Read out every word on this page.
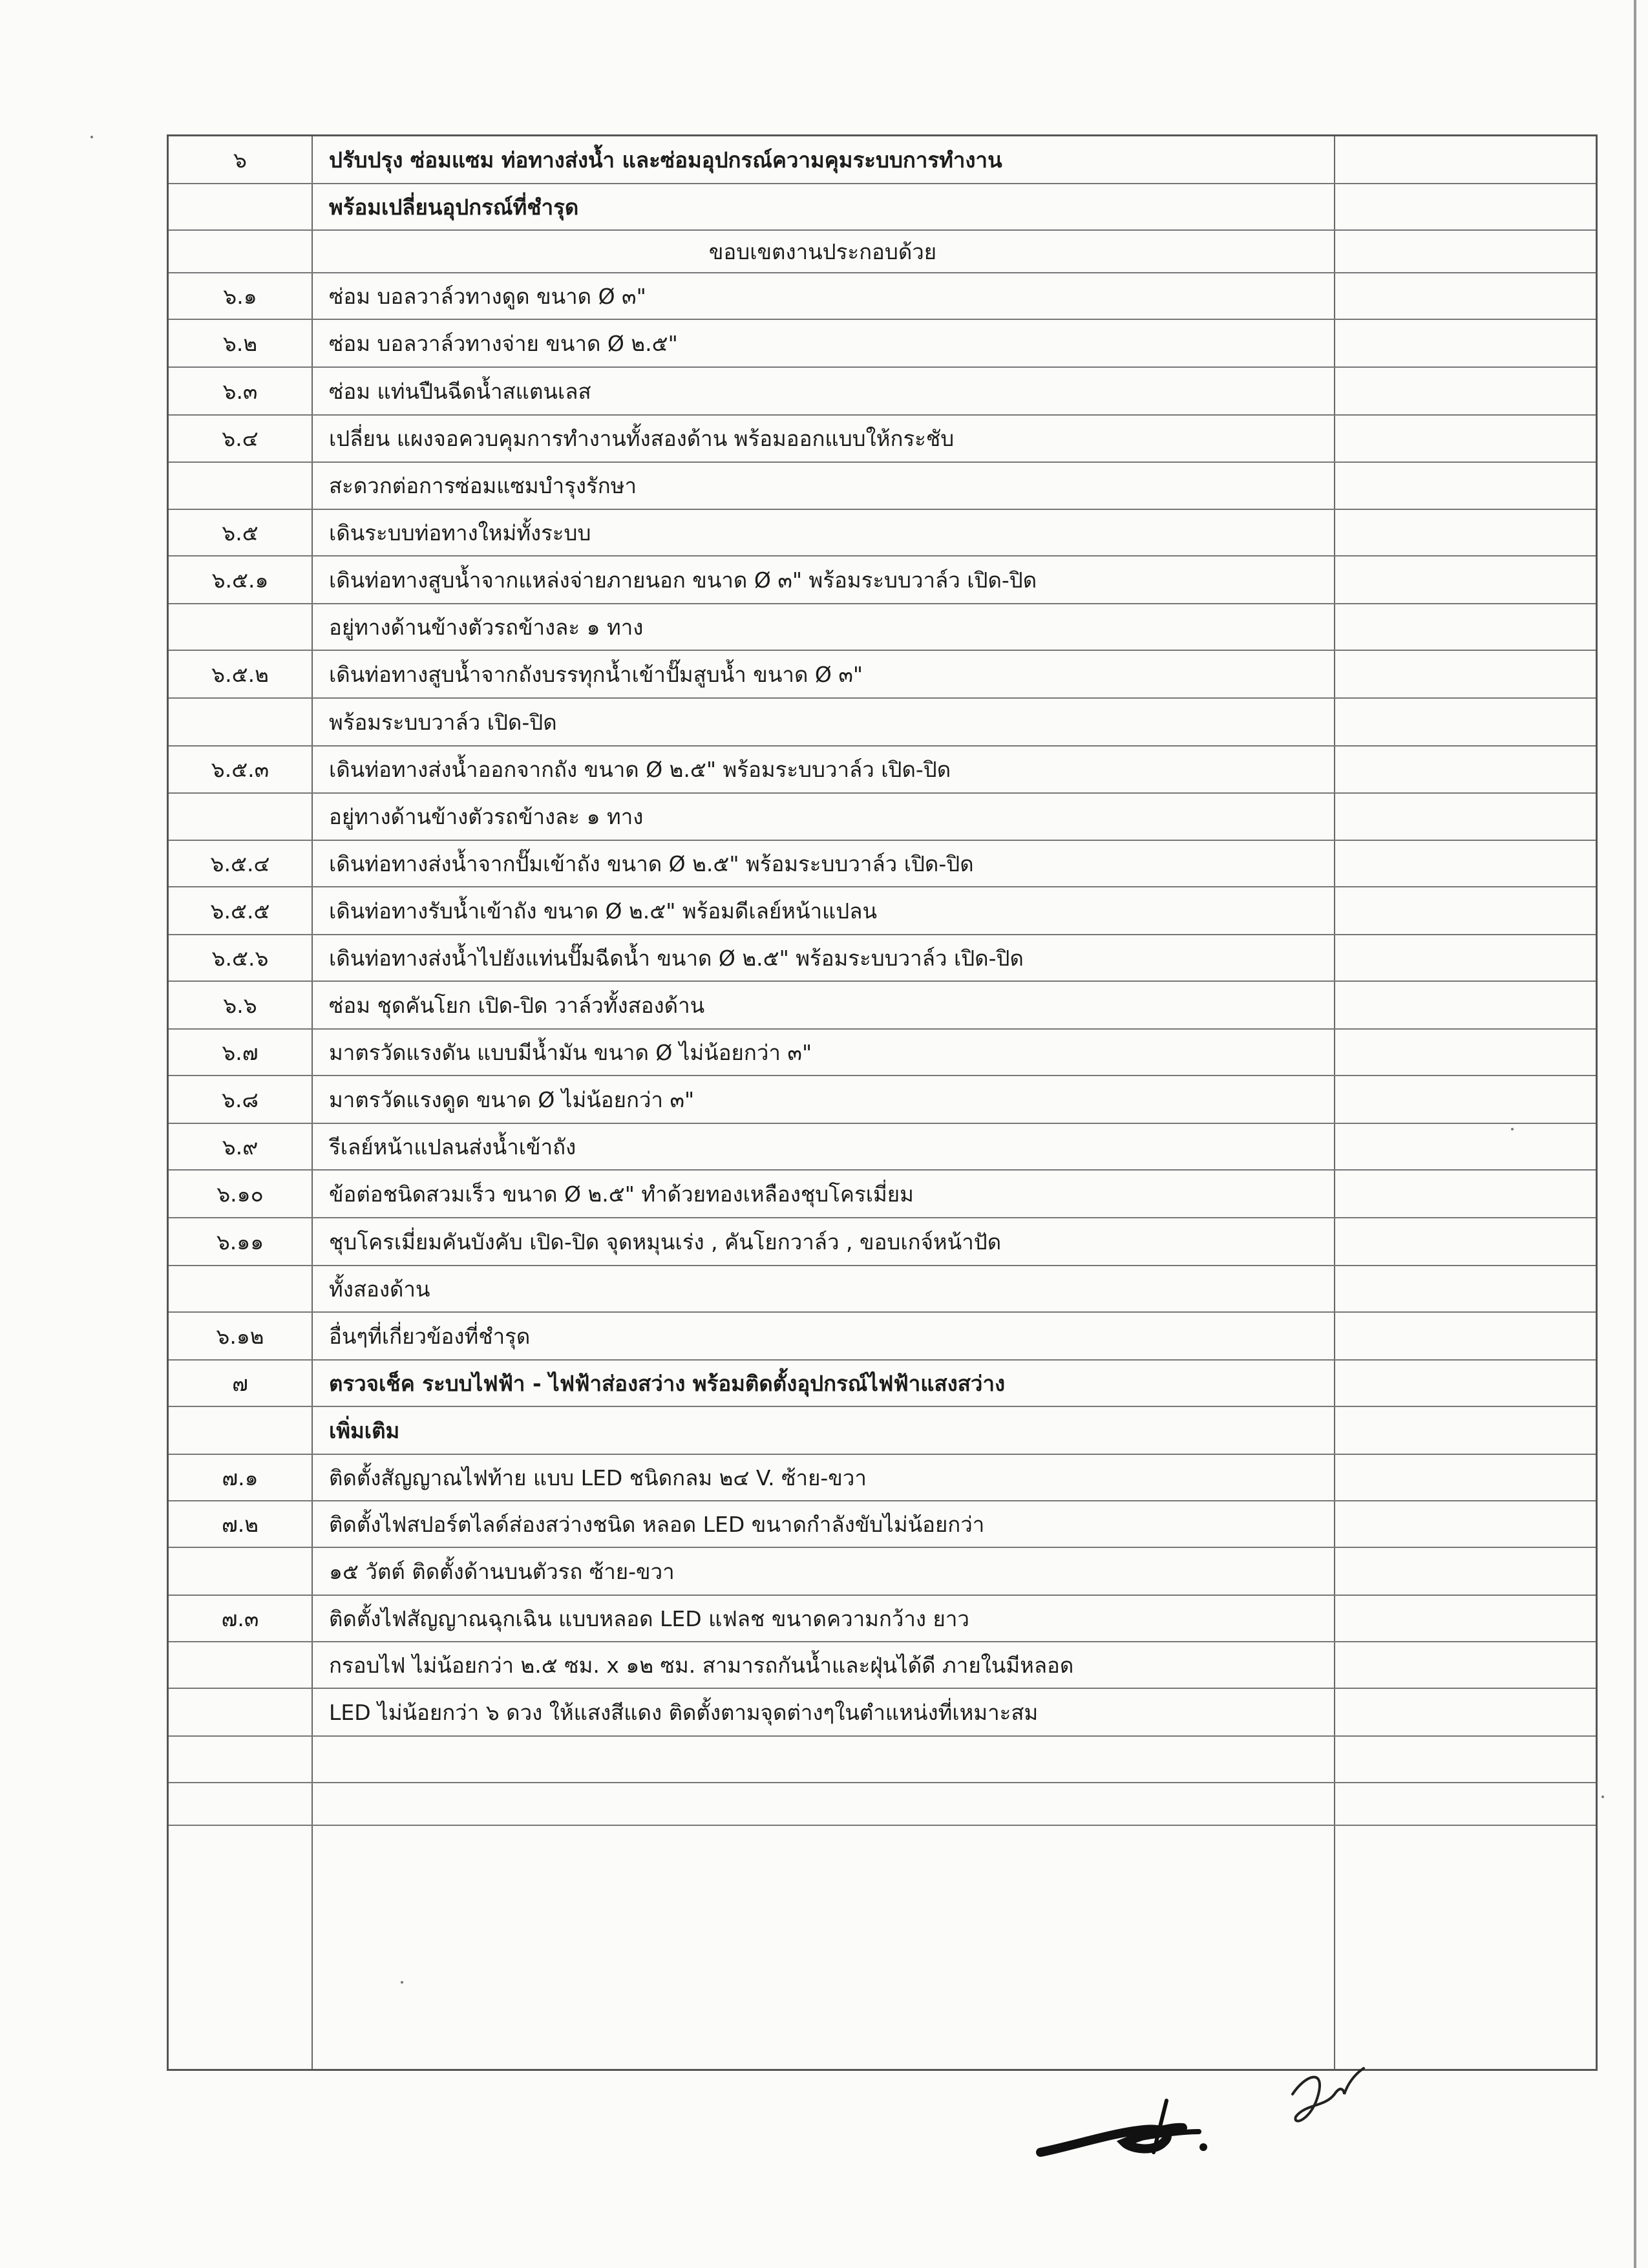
๖	ปรับปรุง ซ่อมแซม ท่อทางส่งน้ำ และซ่อมอุปกรณ์ความคุมระบบการทำงาน
พร้อมเปลี่ยนอุปกรณ์ที่ชำรุด
ขอบเขตงานประกอบด้วย
๖.๑	ซ่อม บอลวาล์วทางดูด ขนาด Ø ๓"
๖.๒	ซ่อม บอลวาล์วทางจ่าย ขนาด Ø ๒.๕"
๖.๓	ซ่อม แท่นปืนฉีดน้ำสแตนเลส
๖.๔	เปลี่ยน แผงจอควบคุมการทำงานทั้งสองด้าน พร้อมออกแบบให้กระชับ
สะดวกต่อการซ่อมแซมบำรุงรักษา
๖.๕	เดินระบบท่อทางใหม่ทั้งระบบ
๖.๕.๑	เดินท่อทางสูบน้ำจากแหล่งจ่ายภายนอก ขนาด Ø ๓" พร้อมระบบวาล์ว เปิด-ปิด
อยู่ทางด้านข้างตัวรถข้างละ ๑ ทาง
๖.๕.๒	เดินท่อทางสูบน้ำจากถังบรรทุกน้ำเข้าปั๊มสูบน้ำ ขนาด Ø ๓"
พร้อมระบบวาล์ว เปิด-ปิด
๖.๕.๓	เดินท่อทางส่งน้ำออกจากถัง ขนาด Ø ๒.๕" พร้อมระบบวาล์ว เปิด-ปิด
อยู่ทางด้านข้างตัวรถข้างละ ๑ ทาง
๖.๕.๔	เดินท่อทางส่งน้ำจากปั๊มเข้าถัง ขนาด Ø ๒.๕" พร้อมระบบวาล์ว เปิด-ปิด
๖.๕.๕	เดินท่อทางรับน้ำเข้าถัง ขนาด Ø ๒.๕" พร้อมดีเลย์หน้าแปลน
๖.๕.๖	เดินท่อทางส่งน้ำไปยังแท่นปั๊มฉีดน้ำ ขนาด Ø ๒.๕" พร้อมระบบวาล์ว เปิด-ปิด
๖.๖	ซ่อม ชุดคันโยก เปิด-ปิด วาล์วทั้งสองด้าน
๖.๗	มาตรวัดแรงดัน แบบมีน้ำมัน ขนาด Ø ไม่น้อยกว่า ๓"
๖.๘	มาตรวัดแรงดูด ขนาด Ø ไม่น้อยกว่า ๓"
๖.๙	รีเลย์หน้าแปลนส่งน้ำเข้าถัง
๖.๑๐	ข้อต่อชนิดสวมเร็ว ขนาด Ø ๒.๕" ทำด้วยทองเหลืองชุบโครเมี่ยม
๖.๑๑	ชุบโครเมี่ยมคันบังคับ เปิด-ปิด จุดหมุนเร่ง , คันโยกวาล์ว , ขอบเกจ์หน้าปัด
ทั้งสองด้าน
๖.๑๒	อื่นๆที่เกี่ยวข้องที่ชำรุด
๗	ตรวจเช็ค ระบบไฟฟ้า - ไฟฟ้าส่องสว่าง พร้อมติดตั้งอุปกรณ์ไฟฟ้าแสงสว่าง
เพิ่มเติม
๗.๑	ติดตั้งสัญญาณไฟท้าย แบบ LED ชนิดกลม ๒๔ V. ซ้าย-ขวา
๗.๒	ติดตั้งไฟสปอร์ตไลด์ส่องสว่างชนิด หลอด LED ขนาดกำลังขับไม่น้อยกว่า
๑๕ วัตต์ ติดตั้งด้านบนตัวรถ ซ้าย-ขวา
๗.๓	ติดตั้งไฟสัญญาณฉุกเฉิน แบบหลอด LED แฟลช ขนาดความกว้าง ยาว
กรอบไฟ ไม่น้อยกว่า ๒.๕ ซม. x ๑๒ ซม. สามารถกันน้ำและฝุ่นได้ดี ภายในมีหลอด
LED ไม่น้อยกว่า ๖ ดวง ให้แสงสีแดง ติดตั้งตามจุดต่างๆในตำแหน่งที่เหมาะสม
